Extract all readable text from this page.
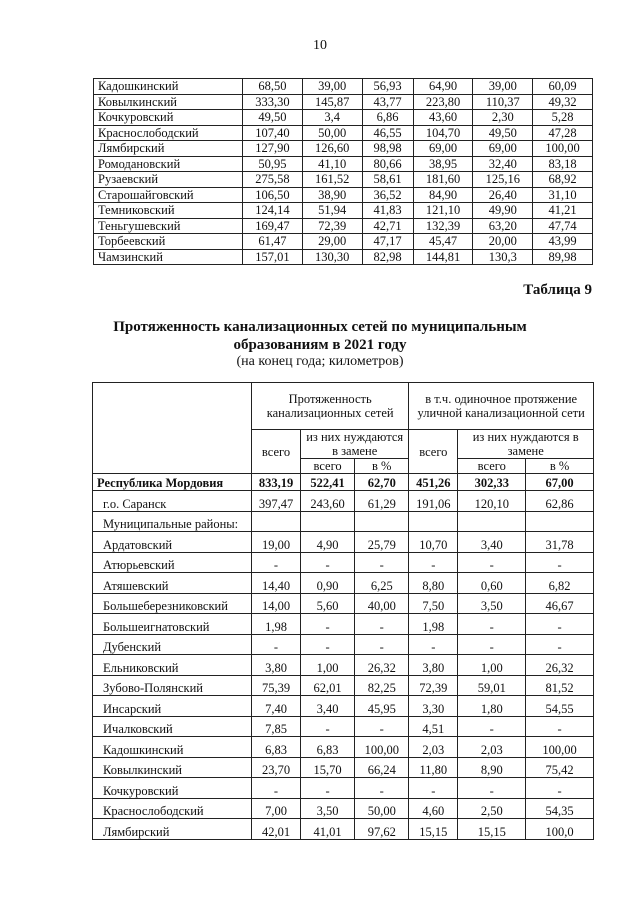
10
Кадошкинский	68,50	39,00	56,93	64,90	39,00	60,09
Ковылкинский	333,30	145,87	43,77	223,80	110,37	49,32
Кочкуровский	49,50	3,4	6,86	43,60	2,30	5,28
Краснослободский	107,40	50,00	46,55	104,70	49,50	47,28
Лямбирский	127,90	126,60	98,98	69,00	69,00	100,00
Ромодановский	50,95	41,10	80,66	38,95	32,40	83,18
Рузаевский	275,58	161,52	58,61	181,60	125,16	68,92
Старошайговский	106,50	38,90	36,52	84,90	26,40	31,10
Темниковский	124,14	51,94	41,83	121,10	49,90	41,21
Теньгушевский	169,47	72,39	42,71	132,39	63,20	47,74
Торбеевский	61,47	29,00	47,17	45,47	20,00	43,99
Чамзинский	157,01	130,30	82,98	144,81	130,3	89,98
Таблица 9
Протяженность канализационных сетей по муниципальным
образованиям в 2021 году
(на конец года; километров)
	Протяженность канализационных сетей			в т.ч. одиночное протяжение уличной канализационной сети		
	всего	из них нуждаются в замене		всего	из них нуждаются в замене	
		всего	в %		всего	в %
Республика Мордовия	833,19	522,41	62,70	451,26	302,33	67,00
г.о. Саранск	397,47	243,60	61,29	191,06	120,10	62,86
Муниципальные районы:						
Ардатовский	19,00	4,90	25,79	10,70	3,40	31,78
Атюрьевский	-	-	-	-	-	-
Атяшевский	14,40	0,90	6,25	8,80	0,60	6,82
Большеберезниковский	14,00	5,60	40,00	7,50	3,50	46,67
Большеигнатовский	1,98	-	-	1,98	-	-
Дубенский	-	-	-	-	-	-
Ельниковский	3,80	1,00	26,32	3,80	1,00	26,32
Зубово-Полянский	75,39	62,01	82,25	72,39	59,01	81,52
Инсарский	7,40	3,40	45,95	3,30	1,80	54,55
Ичалковский	7,85	-	-	4,51	-	-
Кадошкинский	6,83	6,83	100,00	2,03	2,03	100,00
Ковылкинский	23,70	15,70	66,24	11,80	8,90	75,42
Кочкуровский	-	-	-	-	-	-
Краснослободский	7,00	3,50	50,00	4,60	2,50	54,35
Лямбирский	42,01	41,01	97,62	15,15	15,15	100,0
